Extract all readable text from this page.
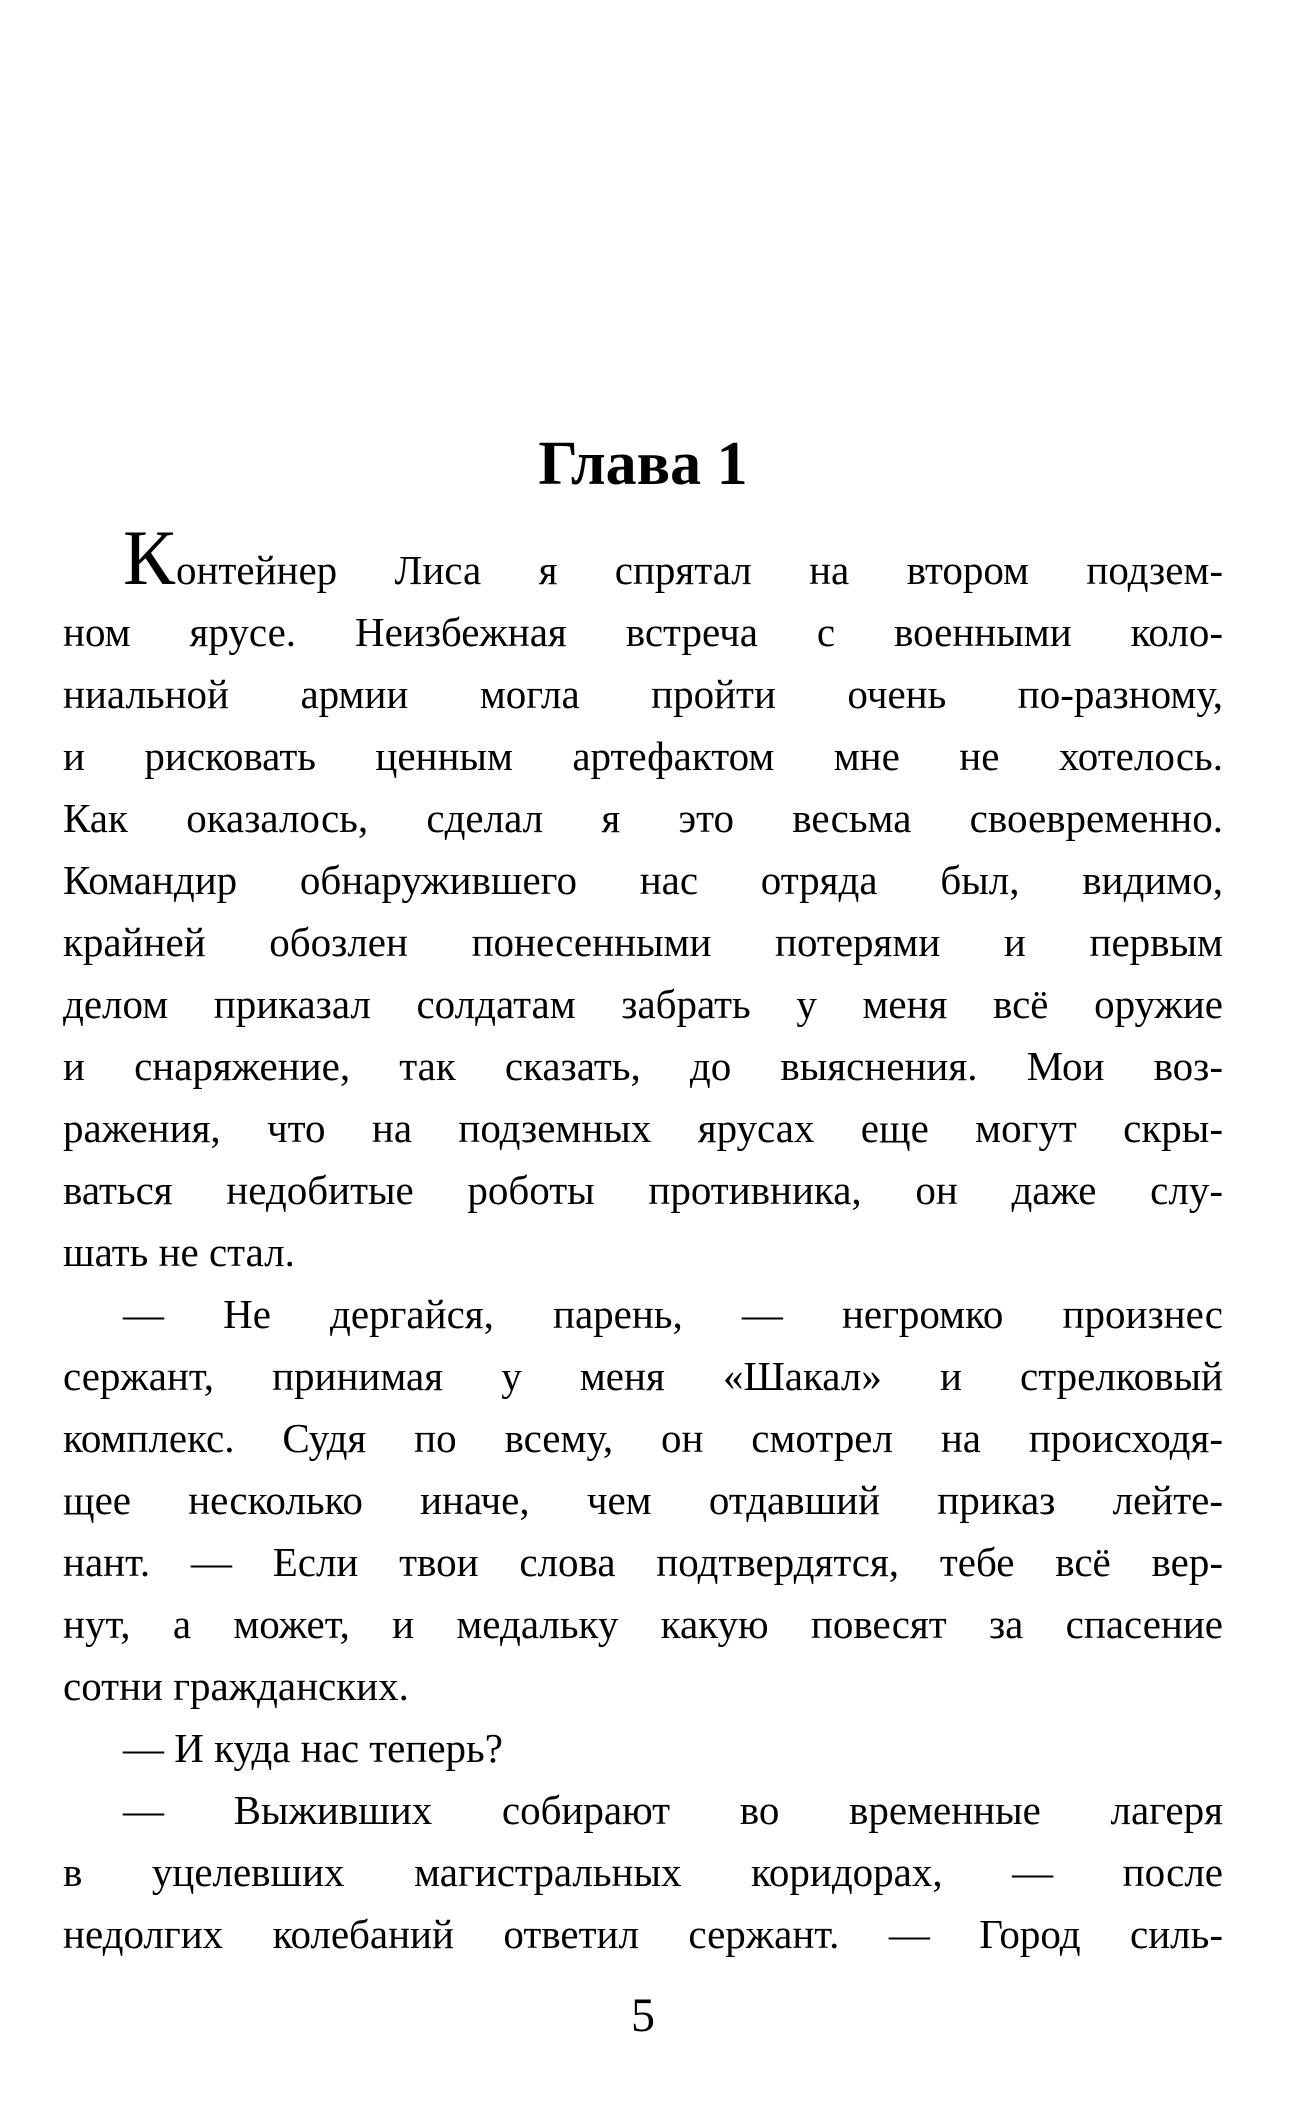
Глава 1
Контейнер Лиса я спрятал на втором подзем-
ном ярусе. Неизбежная встреча с военными коло-
ниальной армии могла пройти очень по-разному,
и рисковать ценным артефактом мне не хотелось.
Как оказалось, сделал я это весьма своевременно.
Командир обнаружившего нас отряда был, видимо,
крайней обозлен понесенными потерями и первым
делом приказал солдатам забрать у меня всё оружие
и снаряжение, так сказать, до выяснения. Мои воз-
ражения, что на подземных ярусах еще могут скры-
ваться недобитые роботы противника, он даже слу-
шать не стал.
— Не дергайся, парень, — негромко произнес
сержант, принимая у меня «Шакал» и стрелковый
комплекс. Судя по всему, он смотрел на происходя-
щее несколько иначе, чем отдавший приказ лейте-
нант. — Если твои слова подтвердятся, тебе всё вер-
нут, а может, и медальку какую повесят за спасение
сотни гражданских.
— И куда нас теперь?
— Выживших собирают во временные лагеря
в уцелевших магистральных коридорах, — после
недолгих колебаний ответил сержант. — Город силь-
5
